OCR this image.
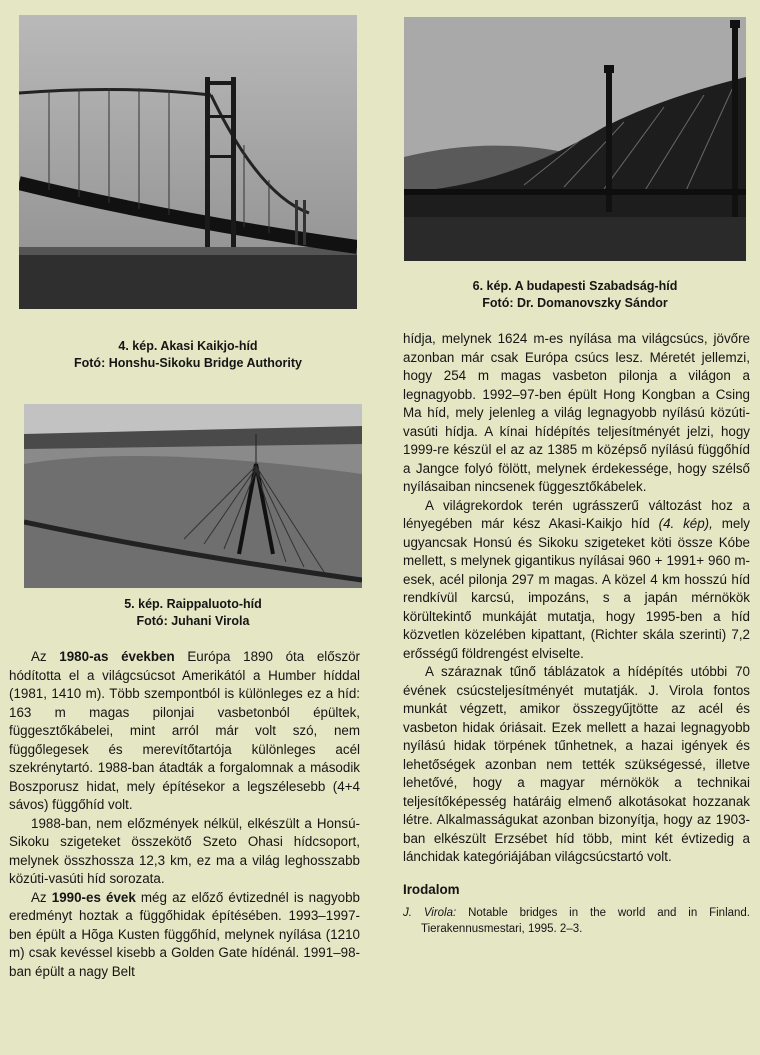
4. kép. Akasi Kaikjo-híd
Fotó: Honshu-Sikoku Bridge Authority
6. kép. A budapesti Szabadság-híd
Fotó: Dr. Domanovszky Sándor
5. kép. Raippaluoto-híd
Fotó: Juhani Virola

Az 1980-as években Európa 1890 óta először hódította el a világcsúcsot Amerikától a Humber híddal (1981, 1410 m). Több szempontból is különleges ez a híd: 163 m magas pilonjai vasbetonból épültek, függesztőkábelei, mint arról már volt szó, nem függőlegesek és merevítőtartója különleges acél szekrénytartó. 1988-ban átadták a forgalomnak a második Boszporusz hidat, mely építésekor a legszélesebb (4+4 sávos) függőhíd volt.

1988-ban, nem előzmények nélkül, elkészült a Honsú-Sikoku szigeteket összekötő Szeto Ohasi hídcsoport, melynek összhossza 12,3 km, ez ma a világ leghosszabb közúti-vasúti híd sorozata.

Az 1990-es évek még az előző évtizednél is nagyobb eredményt hoztak a függőhidak építésében. 1993–1997-ben épült a Hõga Kusten függőhíd, melynek nyílása (1210 m) csak kevéssel kisebb a Golden Gate hídénál. 1991–98-ban épült a nagy Belt

hídja, melynek 1624 m-es nyílása ma világcsúcs, jövőre azonban már csak Európa csúcs lesz. Méretét jellemzi, hogy 254 m magas vasbeton pilonja a világon a legnagyobb. 1992–97-ben épült Hong Kongban a Csing Ma híd, mely jelenleg a világ legnagyobb nyílású közúti-vasúti hídja. A kínai hídépítés teljesítményét jelzi, hogy 1999-re készül el az az 1385 m középső nyílású függőhíd a Jangce folyó fölött, melynek érdekessége, hogy szélső nyílásaiban nincsenek függesztőkábelek.

A világrekordok terén ugrásszerű változást hoz a lényegében már kész Akasi-Kaikjo híd (4. kép), mely ugyancsak Honsú és Sikoku szigeteket köti össze Kóbe mellett, s melynek gigantikus nyílásai 960 + 1991+ 960 m-esek, acél pilonja 297 m magas. A közel 4 km hosszú híd rendkívül karcsú, impozáns, s a japán mérnökök körültekintő munkáját mutatja, hogy 1995-ben a híd közvetlen közelében kipattant, (Richter skála szerinti) 7,2 erősségű földrengést elviselte.

A száraznak tűnő táblázatok a hídépítés utóbbi 70 évének csúcsteljesítményét mutatják. J. Virola fontos munkát végzett, amikor összegyűjtötte az acél és vasbeton hidak óriásait. Ezek mellett a hazai legnagyobb nyílású hidak törpének tűnhetnek, a hazai igények és lehetőségek azonban nem tették szükségessé, illetve lehetővé, hogy a magyar mérnökök a technikai teljesítőképesség határáig elmenő alkotásokat hozzanak létre. Alkalmasságukat azonban bizonyítja, hogy az 1903-ban elkészült Erzsébet híd több, mint két évtizedig a lánchidak kategóriájában világcsúcstartó volt.

Irodalom

J. Virola: Notable bridges in the world and in Finland. Tierakennusmestari, 1995. 2–3.
